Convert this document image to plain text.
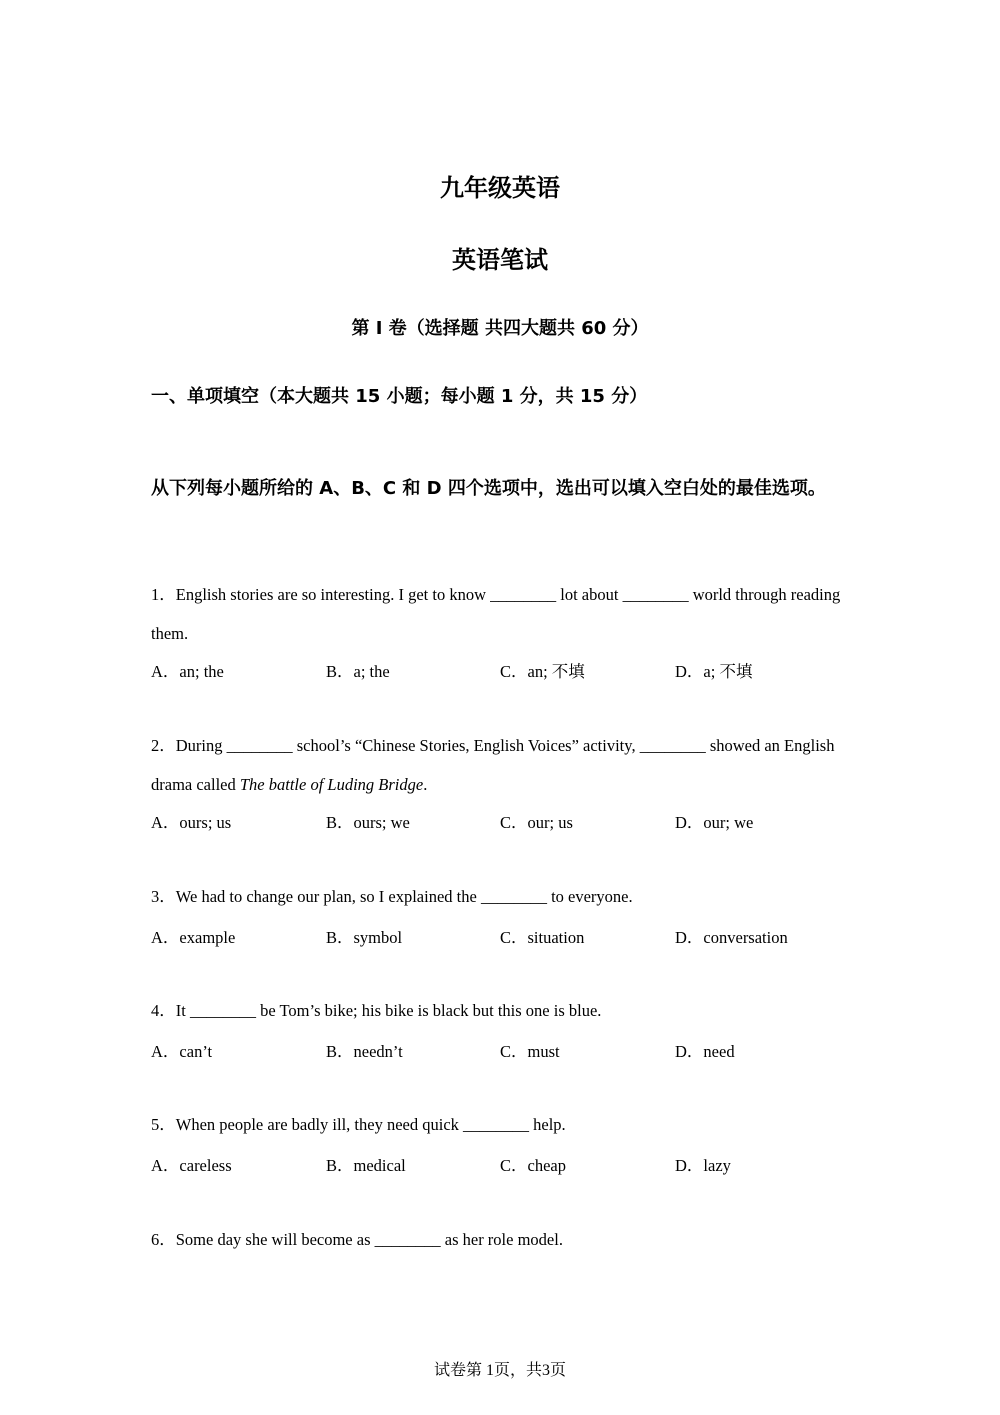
九年级英语
英语笔试
第 I 卷（选择题 共四大题共 60 分）
一、单项填空（本大题共 15 小题；每小题 1 分，共 15 分）
从下列每小题所给的 A、B、C 和 D 四个选项中，选出可以填入空白处的最佳选项。
1．English stories are so interesting. I get to know ________ lot about ________ world through reading them.
A．an; the	B．a; the	C．an; 不填	D．a; 不填
2．During ________ school’s “Chinese Stories, English Voices” activity, ________ showed an English drama called The battle of Luding Bridge.
A．ours; us	B．ours; we	C．our; us	D．our; we
3．We had to change our plan, so I explained the ________ to everyone.
A．example	B．symbol	C．situation	D．conversation
4．It ________ be Tom’s bike; his bike is black but this one is blue.
A．can’t	B．needn’t	C．must	D．need
5．When people are badly ill, they need quick ________ help.
A．careless	B．medical	C．cheap	D．lazy
6．Some day she will become as ________ as her role model.
试卷第 1页，共3页
